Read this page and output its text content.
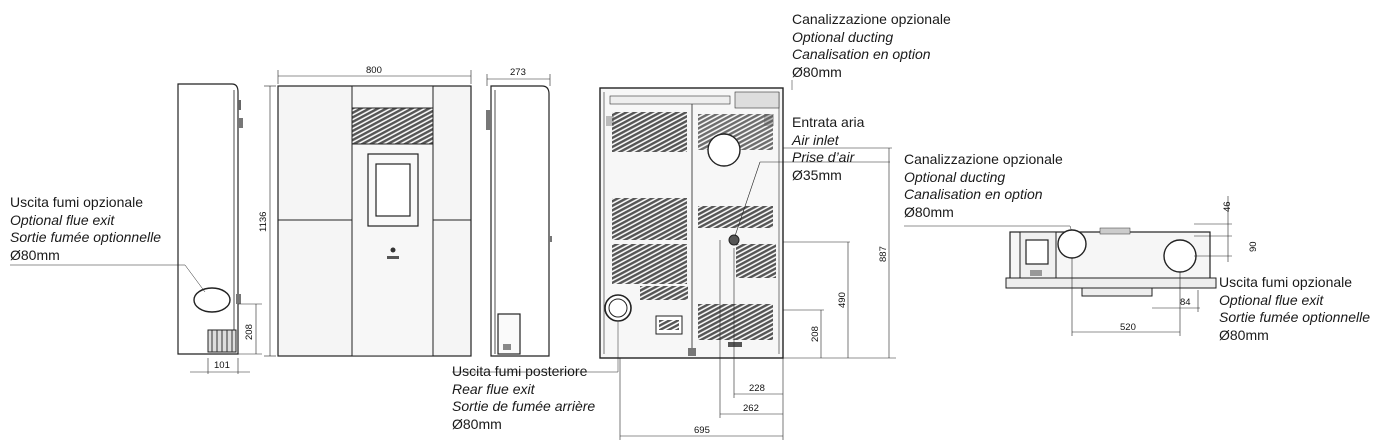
208
101
800
1136
273
208
490
887
228
262
695
46
90
84
520
Canalizzazione opzionale
Optional ducting
Canalisation en option
Ø80mm
Entrata aria
Air inlet
Prise d’air
Ø35mm
Canalizzazione opzionale
Optional ducting
Canalisation en option
Ø80mm
Uscita fumi opzionale
Optional flue exit
Sortie fumée optionnelle
Ø80mm
Uscita fumi posteriore
Rear flue exit
Sortie de fumée arrière
Ø80mm
Uscita fumi opzionale
Optional flue exit
Sortie fumée optionnelle
Ø80mm
